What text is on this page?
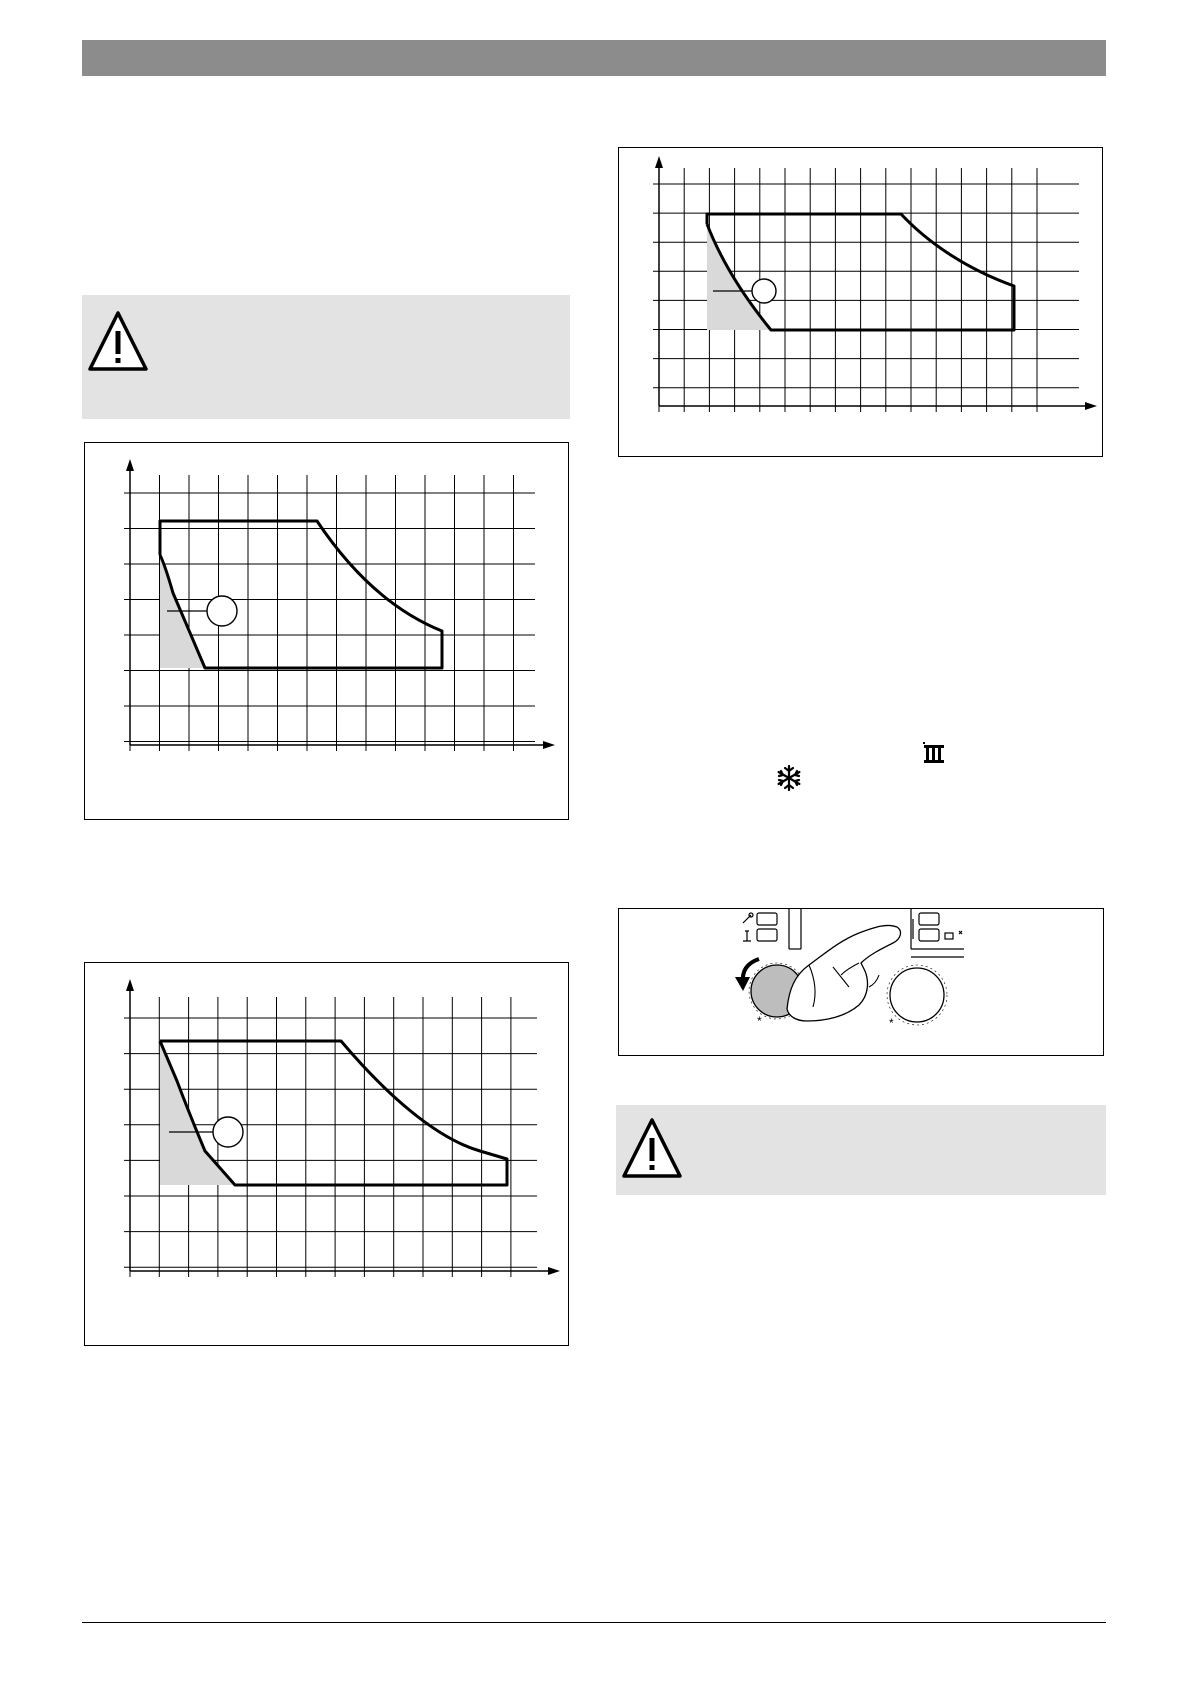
*	*
